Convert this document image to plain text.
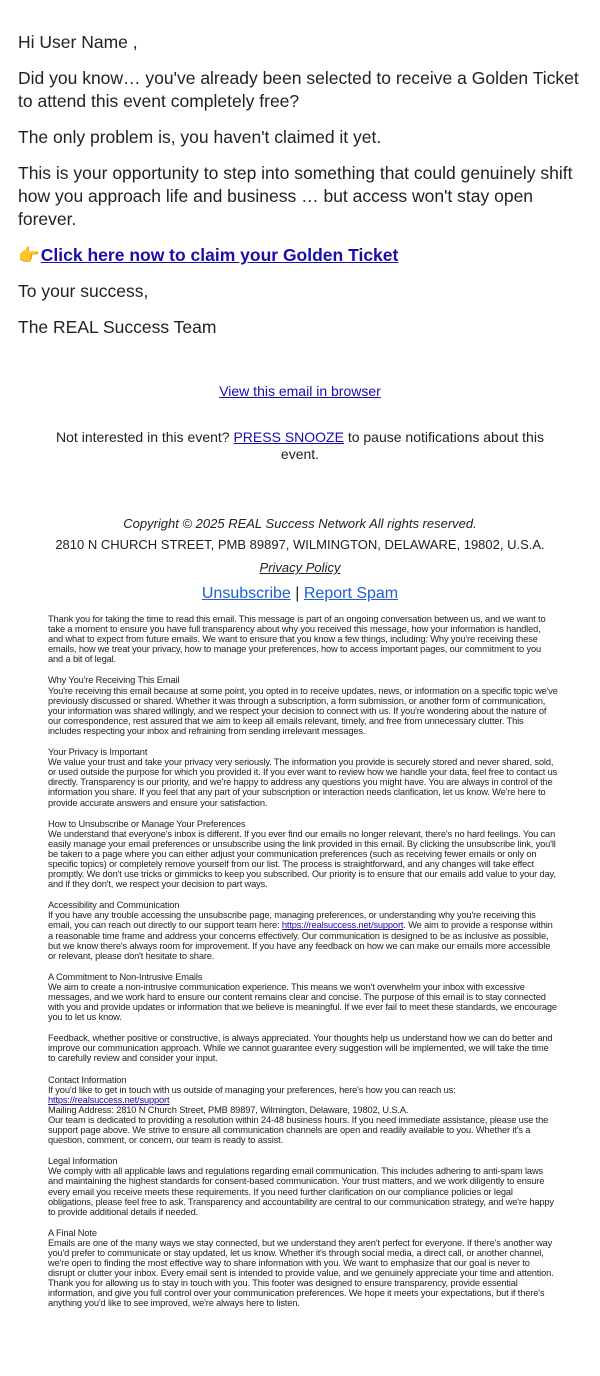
Hi User Name ,

Did you know… you've already been selected to receive a Golden Ticket to attend this event completely free?

The only problem is, you haven't claimed it yet.

This is your opportunity to step into something that could genuinely shift how you approach life and business … but access won't stay open forever.

👉Click here now to claim your Golden Ticket

To your success,

The REAL Success Team

View this email in browser
Not interested in this event? PRESS SNOOZE to pause notifications about this event.
Copyright © 2025 REAL Success Network All rights reserved.
2810 N CHURCH STREET, PMB 89897, WILMINGTON, DELAWARE, 19802, U.S.A.
Privacy Policy
Unsubscribe | Report Spam
Thank you for taking the time to read this email. This message is part of an ongoing conversation between us, and we want to take a moment to ensure you have full transparency about why you received this message, how your information is handled, and what to expect from future emails. We want to ensure that you know a few things, including: Why you're receiving these emails, how we treat your privacy, how to manage your preferences, how to access important pages, our commitment to you and a bit of legal.
Why You're Receiving This Email
You're receiving this email because at some point, you opted in to receive updates, news, or information on a specific topic we've previously discussed or shared. Whether it was through a subscription, a form submission, or another form of communication, your information was shared willingly, and we respect your decision to connect with us. If you're wondering about the nature of our correspondence, rest assured that we aim to keep all emails relevant, timely, and free from unnecessary clutter. This includes respecting your inbox and refraining from sending irrelevant messages.
Your Privacy is Important
We value your trust and take your privacy very seriously. The information you provide is securely stored and never shared, sold, or used outside the purpose for which you provided it. If you ever want to review how we handle your data, feel free to contact us directly. Transparency is our priority, and we're happy to address any questions you might have. You are always in control of the information you share. If you feel that any part of your subscription or interaction needs clarification, let us know. We're here to provide accurate answers and ensure your satisfaction.
How to Unsubscribe or Manage Your Preferences
We understand that everyone's inbox is different. If you ever find our emails no longer relevant, there's no hard feelings. You can easily manage your email preferences or unsubscribe using the link provided in this email. By clicking the unsubscribe link, you'll be taken to a page where you can either adjust your communication preferences (such as receiving fewer emails or only on specific topics) or completely remove yourself from our list. The process is straightforward, and any changes will take effect promptly. We don't use tricks or gimmicks to keep you subscribed. Our priority is to ensure that our emails add value to your day, and if they don't, we respect your decision to part ways.
Accessibility and Communication
If you have any trouble accessing the unsubscribe page, managing preferences, or understanding why you're receiving this email, you can reach out directly to our support team here: https://realsuccess.net/support. We aim to provide a response within a reasonable time frame and address your concerns effectively. Our communication is designed to be as inclusive as possible, but we know there's always room for improvement. If you have any feedback on how we can make our emails more accessible or relevant, please don't hesitate to share.
A Commitment to Non-Intrusive Emails
We aim to create a non-intrusive communication experience. This means we won't overwhelm your inbox with excessive messages, and we work hard to ensure our content remains clear and concise. The purpose of this email is to stay connected with you and provide updates or information that we believe is meaningful. If we ever fail to meet these standards, we encourage you to let us know.
Feedback, whether positive or constructive, is always appreciated. Your thoughts help us understand how we can do better and improve our communication approach. While we cannot guarantee every suggestion will be implemented, we will take the time to carefully review and consider your input.
Contact Information
If you'd like to get in touch with us outside of managing your preferences, here's how you can reach us:
https://realsuccess.net/support
Mailing Address: 2810 N Church Street, PMB 89897, Wilmington, Delaware, 19802, U.S.A.
Our team is dedicated to providing a resolution within 24-48 business hours. If you need immediate assistance, please use the support page above. We strive to ensure all communication channels are open and readily available to you. Whether it's a question, comment, or concern, our team is ready to assist.
Legal Information
We comply with all applicable laws and regulations regarding email communication. This includes adhering to anti-spam laws and maintaining the highest standards for consent-based communication. Your trust matters, and we work diligently to ensure every email you receive meets these requirements. If you need further clarification on our compliance policies or legal obligations, please feel free to ask. Transparency and accountability are central to our communication strategy, and we're happy to provide additional details if needed.
A Final Note
Emails are one of the many ways we stay connected, but we understand they aren't perfect for everyone. If there's another way you'd prefer to communicate or stay updated, let us know. Whether it's through social media, a direct call, or another channel, we're open to finding the most effective way to share information with you. We want to emphasize that our goal is never to disrupt or clutter your inbox. Every email sent is intended to provide value, and we genuinely appreciate your time and attention. Thank you for allowing us to stay in touch with you. This footer was designed to ensure transparency, provide essential information, and give you full control over your communication preferences. We hope it meets your expectations, but if there's anything you'd like to see improved, we're always here to listen.
